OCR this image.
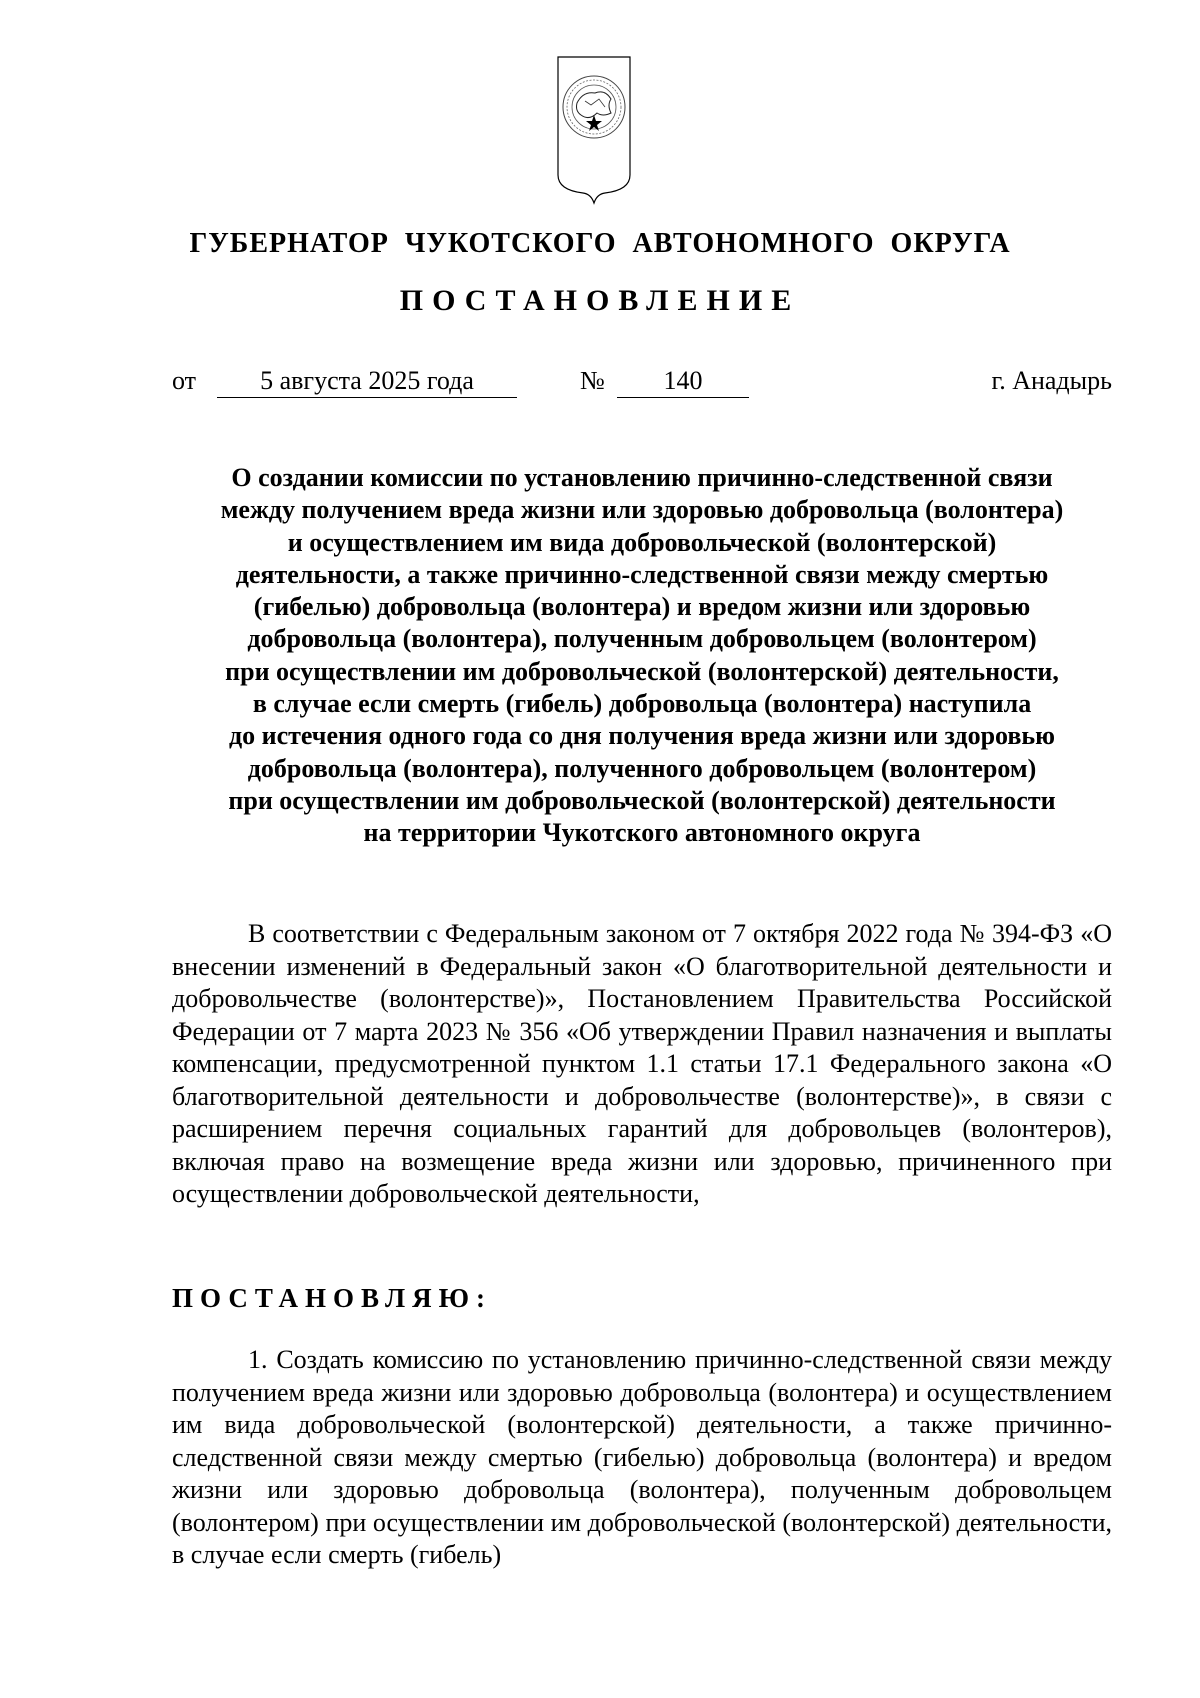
ГУБЕРНАТОР ЧУКОТСКОГО АВТОНОМНОГО ОКРУГА
ПОСТАНОВЛЕНИЕ
от	5 августа 2025 года	№	140	г. Анадырь
О создании комиссии по установлению причинно-следственной связи
между получением вреда жизни или здоровью добровольца (волонтера)
и осуществлением им вида добровольческой (волонтерской)
деятельности, а также причинно-следственной связи между смертью
(гибелью) добровольца (волонтера) и вредом жизни или здоровью
добровольца (волонтера), полученным добровольцем (волонтером)
при осуществлении им добровольческой (волонтерской) деятельности,
в случае если смерть (гибель) добровольца (волонтера) наступила
до истечения одного года со дня получения вреда жизни или здоровью
добровольца (волонтера), полученного добровольцем (волонтером)
при осуществлении им добровольческой (волонтерской) деятельности
на территории Чукотского автономного округа
В соответствии с Федеральным законом от 7 октября 2022 года № 394-ФЗ «О внесении изменений в Федеральный закон «О благотворительной деятельности и добровольчестве (волонтерстве)», Постановлением Правительства Российской Федерации от 7 марта 2023 № 356 «Об утверждении Правил назначения и выплаты компенсации, предусмотренной пунктом 1.1 статьи 17.1 Федерального закона «О благотворительной деятельности и добровольчестве (волонтерстве)», в связи с расширением перечня социальных гарантий для добровольцев (волонтеров), включая право на возмещение вреда жизни или здоровью, причиненного при осуществлении добровольческой деятельности,
ПОСТАНОВЛЯЮ:
1. Создать комиссию по установлению причинно-следственной связи между получением вреда жизни или здоровью добровольца (волонтера) и осуществлением им вида добровольческой (волонтерской) деятельности, а также причинно-следственной связи между смертью (гибелью) добровольца (волонтера) и вредом жизни или здоровью добровольца (волонтера), полученным добровольцем (волонтером) при осуществлении им добровольческой (волонтерской) деятельности, в случае если смерть (гибель)
